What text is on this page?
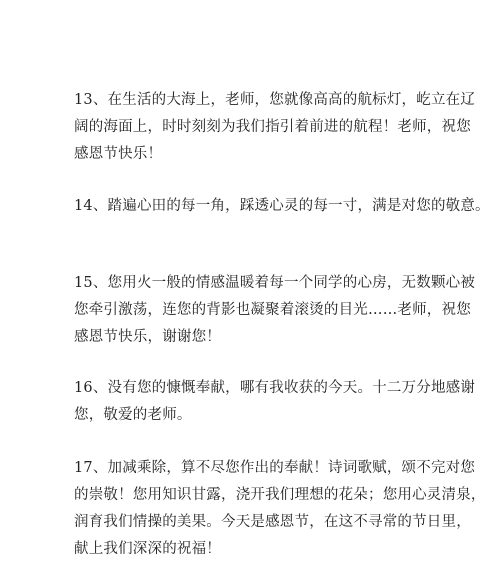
13、在生活的大海上，老师，您就像高高的航标灯，屹立在辽
阔的海面上，时时刻刻为我们指引着前进的航程！老师，祝您
感恩节快乐！
14、踏遍心田的每一角，踩透心灵的每一寸，满是对您的敬意。
15、您用火一般的情感温暖着每一个同学的心房，无数颗心被
您牵引激荡，连您的背影也凝聚着滚烫的目光……老师，祝您
感恩节快乐，谢谢您！
16、没有您的慷慨奉献，哪有我收获的今天。十二万分地感谢
您，敬爱的老师。
17、加减乘除，算不尽您作出的奉献！诗词歌赋，颂不完对您
的崇敬！您用知识甘露，浇开我们理想的花朵；您用心灵清泉，
润育我们情操的美果。今天是感恩节，在这不寻常的节日里，
献上我们深深的祝福！
